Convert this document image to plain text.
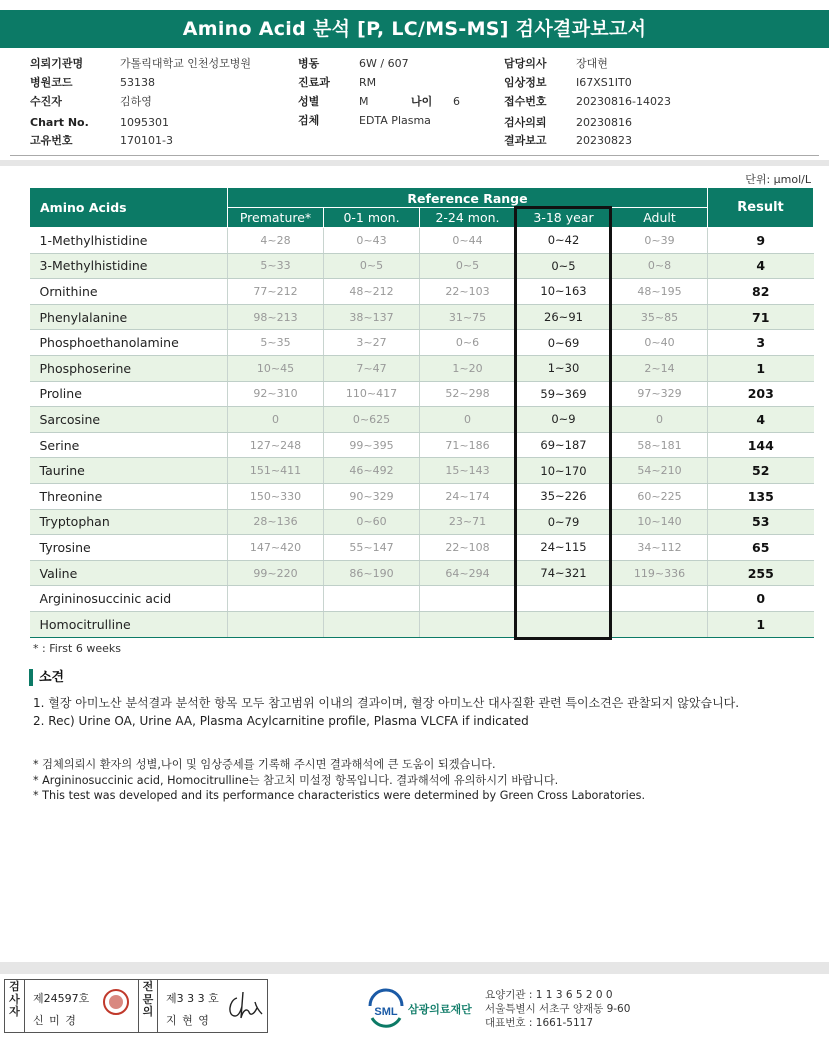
Amino Acid 분석 [P, LC/MS-MS] 검사결과보고서
의뢰기관명	가톨릭대학교 인천성모병원
병원코드	53138
수진자	김하영
Chart No.	1095301
고유번호	170101-3
병동	6W / 607
진료과	RM
성별	M	나이 6
검체	EDTA Plasma
담당의사	장대현
임상정보	I67XS1IT0
접수번호	20230816-14023
검사의뢰	20230816
결과보고	20230823
단위: μmol/L
Amino Acids	Reference Range					Result
	Premature*	0-1 mon.	2-24 mon.	3-18 year	Adult	
1-Methylhistidine	4~28	0~43	0~44	0~42	0~39	9
3-Methylhistidine	5~33	0~5	0~5	0~5	0~8	4
Ornithine	77~212	48~212	22~103	10~163	48~195	82
Phenylalanine	98~213	38~137	31~75	26~91	35~85	71
Phosphoethanolamine	5~35	3~27	0~6	0~69	0~40	3
Phosphoserine	10~45	7~47	1~20	1~30	2~14	1
Proline	92~310	110~417	52~298	59~369	97~329	203
Sarcosine	0	0~625	0	0~9	0	4
Serine	127~248	99~395	71~186	69~187	58~181	144
Taurine	151~411	46~492	15~143	10~170	54~210	52
Threonine	150~330	90~329	24~174	35~226	60~225	135
Tryptophan	28~136	0~60	23~71	0~79	10~140	53
Tyrosine	147~420	55~147	22~108	24~115	34~112	65
Valine	99~220	86~190	64~294	74~321	119~336	255
Argininosuccinic acid						0
Homocitrulline						1
* : First 6 weeks
소견
1. 혈장 아미노산 분석결과 분석한 항목 모두 참고범위 이내의 결과이며, 혈장 아미노산 대사질환 관련 특이소견은 관찰되지 않았습니다.
2. Rec) Urine OA, Urine AA, Plasma Acylcarnitine profile, Plasma VLCFA if indicated
* 검체의뢰시 환자의 성별,나이 및 임상증세를 기록해 주시면 결과해석에 큰 도움이 되겠습니다.
* Argininosuccinic acid, Homocitrulline는 참고치 미설정 항목입니다. 결과해석에 유의하시기 바랍니다.
* This test was developed and its performance characteristics were determined by Green Cross Laboratories.
검사자
제24597호
신 미 경
전문의
제3 3 3 호
지 현 영
SML 삼광의료재단
요양기관 : 1 1 3 6 5 2 0 0
서울특별시 서초구 양재동 9-60
대표번호 : 1661-5117
